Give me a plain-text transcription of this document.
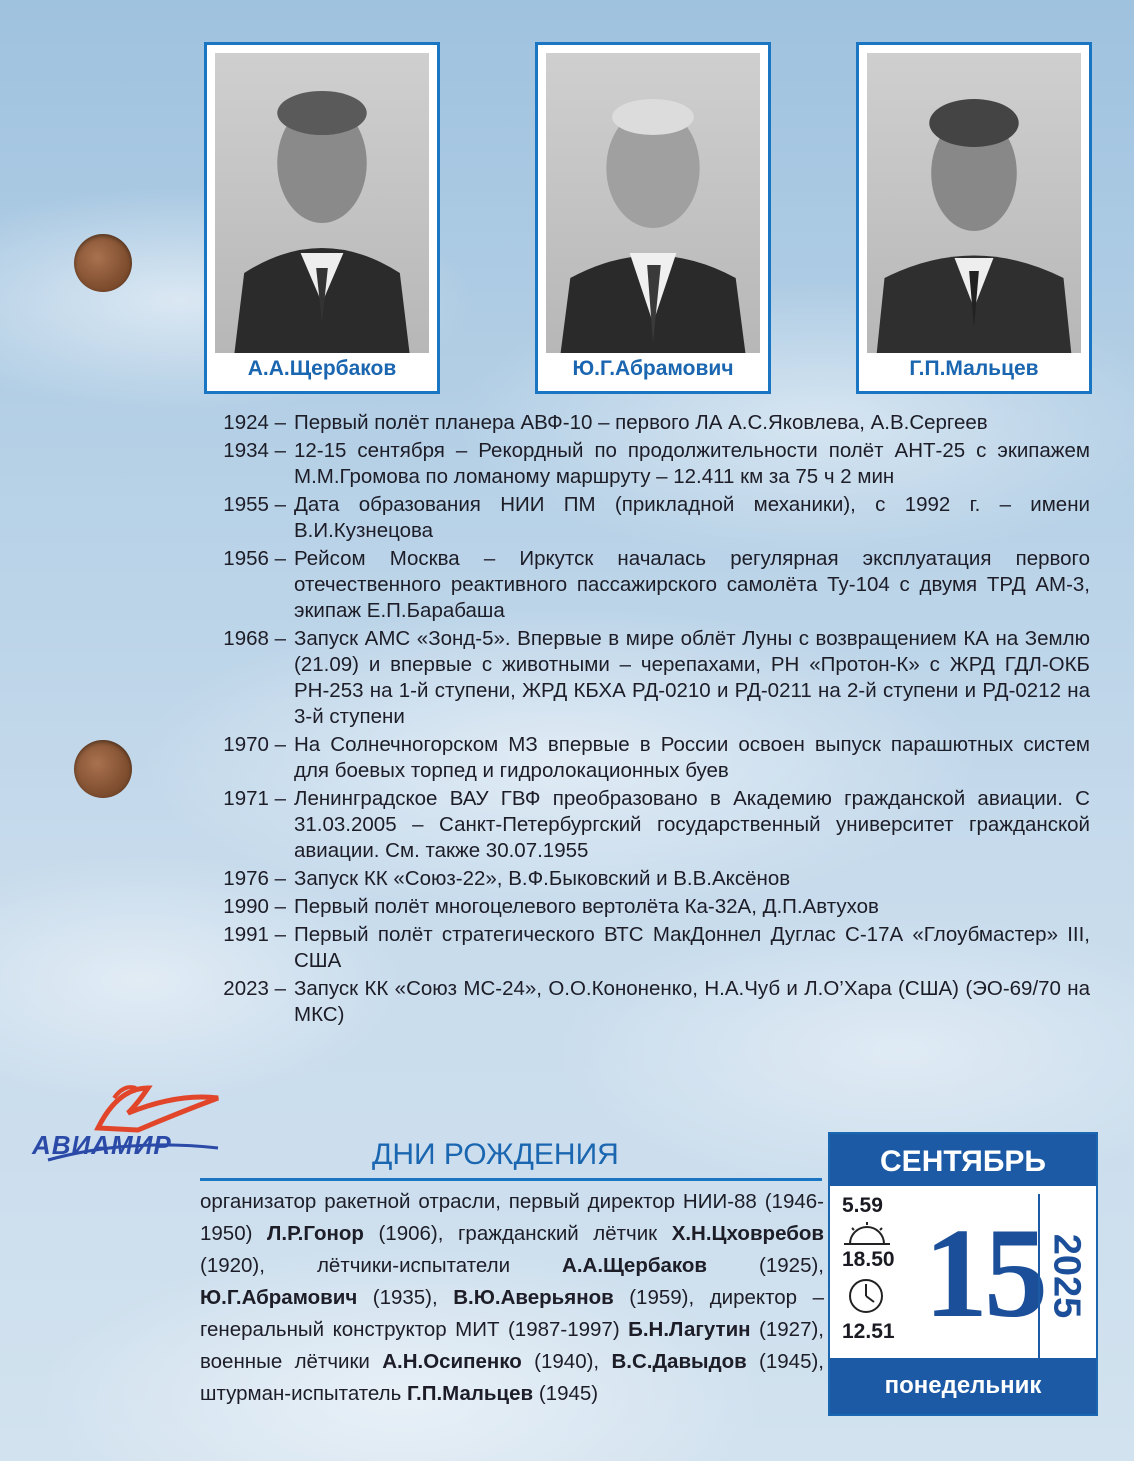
А.А.Щербаков	Ю.Г.Абрамович	Г.П.Мальцев
1924 – Первый полёт планера АВФ-10 – первого ЛА А.С.Яковлева, А.В.Сергеев
1934 – 12-15 сентября – Рекордный по продолжительности полёт АНТ-25 с экипажем М.М.Громова по ломаному маршруту – 12.411 км за 75 ч 2 мин
1955 – Дата образования НИИ ПМ (прикладной механики), с 1992 г. – имени В.И.Кузнецова
1956 – Рейсом Москва – Иркутск началась регулярная эксплуатация первого отечественного реактивного пассажирского самолёта Ту-104 с двумя ТРД АМ-3, экипаж Е.П.Барабаша
1968 – Запуск АМС «Зонд-5». Впервые в мире облёт Луны с возвращением КА на Землю (21.09) и впервые с животными – черепахами, РН «Протон-К» с ЖРД ГДЛ-ОКБ РН-253 на 1-й ступени, ЖРД КБХА РД-0210 и РД-0211 на 2-й ступени и РД-0212 на 3-й ступени
1970 – На Солнечногорском МЗ впервые в России освоен выпуск парашютных систем для боевых торпед и гидролокационных буев
1971 – Ленинградское ВАУ ГВФ преобразовано в Академию гражданской авиации. С 31.03.2005 – Санкт-Петербургский государственный университет гражданской авиации. См. также 30.07.1955
1976 – Запуск КК «Союз-22», В.Ф.Быковский и В.В.Аксёнов
1990 – Первый полёт многоцелевого вертолёта Ка-32А, Д.П.Автухов
1991 – Первый полёт стратегического ВТС МакДоннел Дуглас С-17А «Глоубмастер» III, США
2023 – Запуск КК «Союз МС-24», О.О.Кононенко, Н.А.Чуб и Л.О’Хара (США) (ЭО-69/70 на МКС)
АВИАМИР	ДНИ РОЖДЕНИЯ
организатор ракетной отрасли, первый директор НИИ-88 (1946-1950) Л.Р.Гонор (1906), гражданский лётчик Х.Н.Цховребов (1920), лётчики-испытатели А.А.Щербаков (1925), Ю.Г.Абрамович (1935), В.Ю.Аверьянов (1959), директор – генеральный конструктор МИТ (1987-1997) Б.Н.Лагутин (1927), военные лётчики А.Н.Осипенко (1940), В.С.Давыдов (1945), штурман-испытатель Г.П.Мальцев (1945)
СЕНТЯБРЬ
5.59
18.50
12.51 15 2025
понедельник
